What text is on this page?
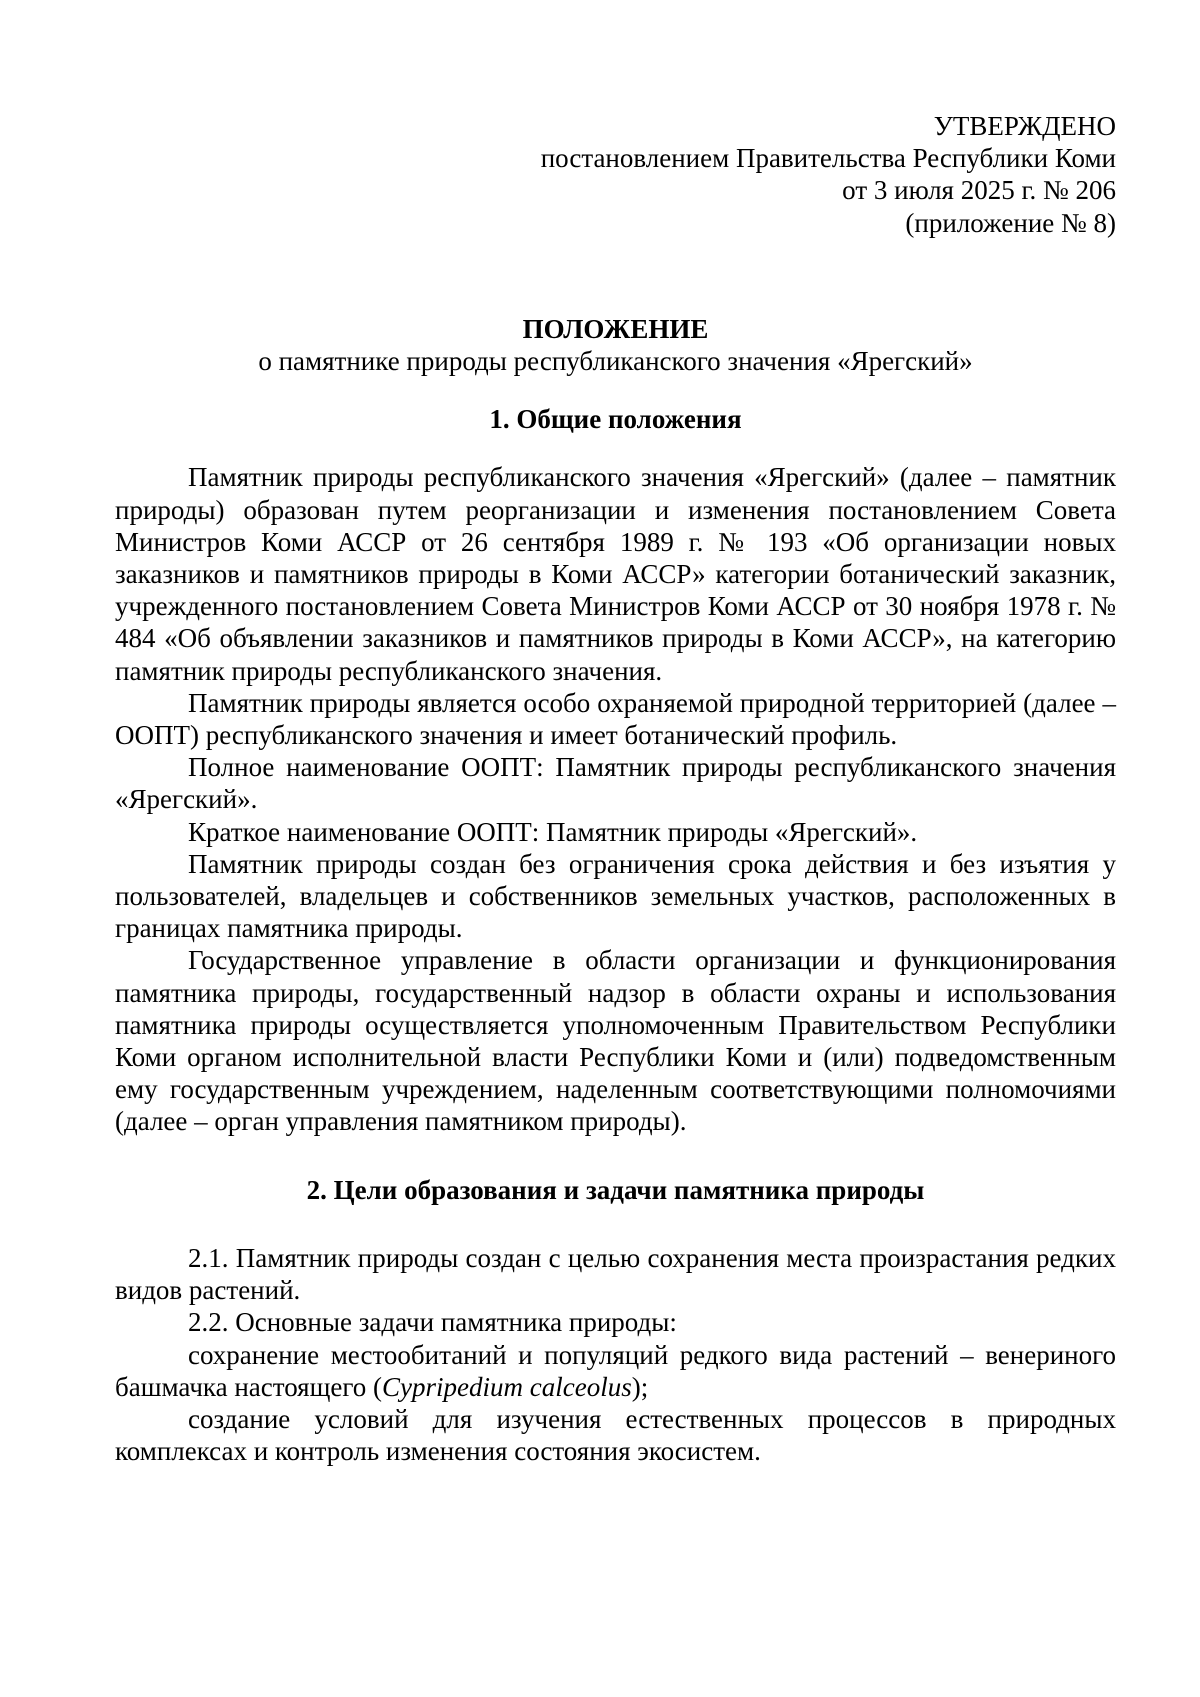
УТВЕРЖДЕНО
постановлением Правительства Республики Коми
от 3 июля 2025 г. № 206
(приложение № 8)
ПОЛОЖЕНИЕ
о памятнике природы республиканского значения «Ярегский»
1. Общие положения

Памятник природы республиканского значения «Ярегский» (далее – памятник природы) образован путем реорганизации и изменения постановлением Совета Министров Коми АССР от 26 сентября 1989 г. № 193 «Об организации новых заказников и памятников природы в Коми АССР» категории ботанический заказник, учрежденного постановлением Совета Министров Коми АССР от 30 ноября 1978 г. № 484 «Об объявлении заказников и памятников природы в Коми АССР», на категорию памятник природы республиканского значения.

Памятник природы является особо охраняемой природной территорией (далее – ООПТ) республиканского значения и имеет ботанический профиль.

Полное наименование ООПТ: Памятник природы республиканского значения «Ярегский».

Краткое наименование ООПТ: Памятник природы «Ярегский».

Памятник природы создан без ограничения срока действия и без изъятия у пользователей, владельцев и собственников земельных участков, расположенных в границах памятника природы.

Государственное управление в области организации и функционирования памятника природы, государственный надзор в области охраны и использования памятника природы осуществляется уполномоченным Правительством Республики Коми органом исполнительной власти Республики Коми и (или) подведомственным ему государственным учреждением, наделенным соответствующими полномочиями (далее – орган управления памятником природы).

2. Цели образования и задачи памятника природы

2.1. Памятник природы создан с целью сохранения места произрастания редких видов растений.

2.2. Основные задачи памятника природы:

сохранение местообитаний и популяций редкого вида растений – венериного башмачка настоящего (Cypripedium calceolus);

создание условий для изучения естественных процессов в природных комплексах и контроль изменения состояния экосистем.
